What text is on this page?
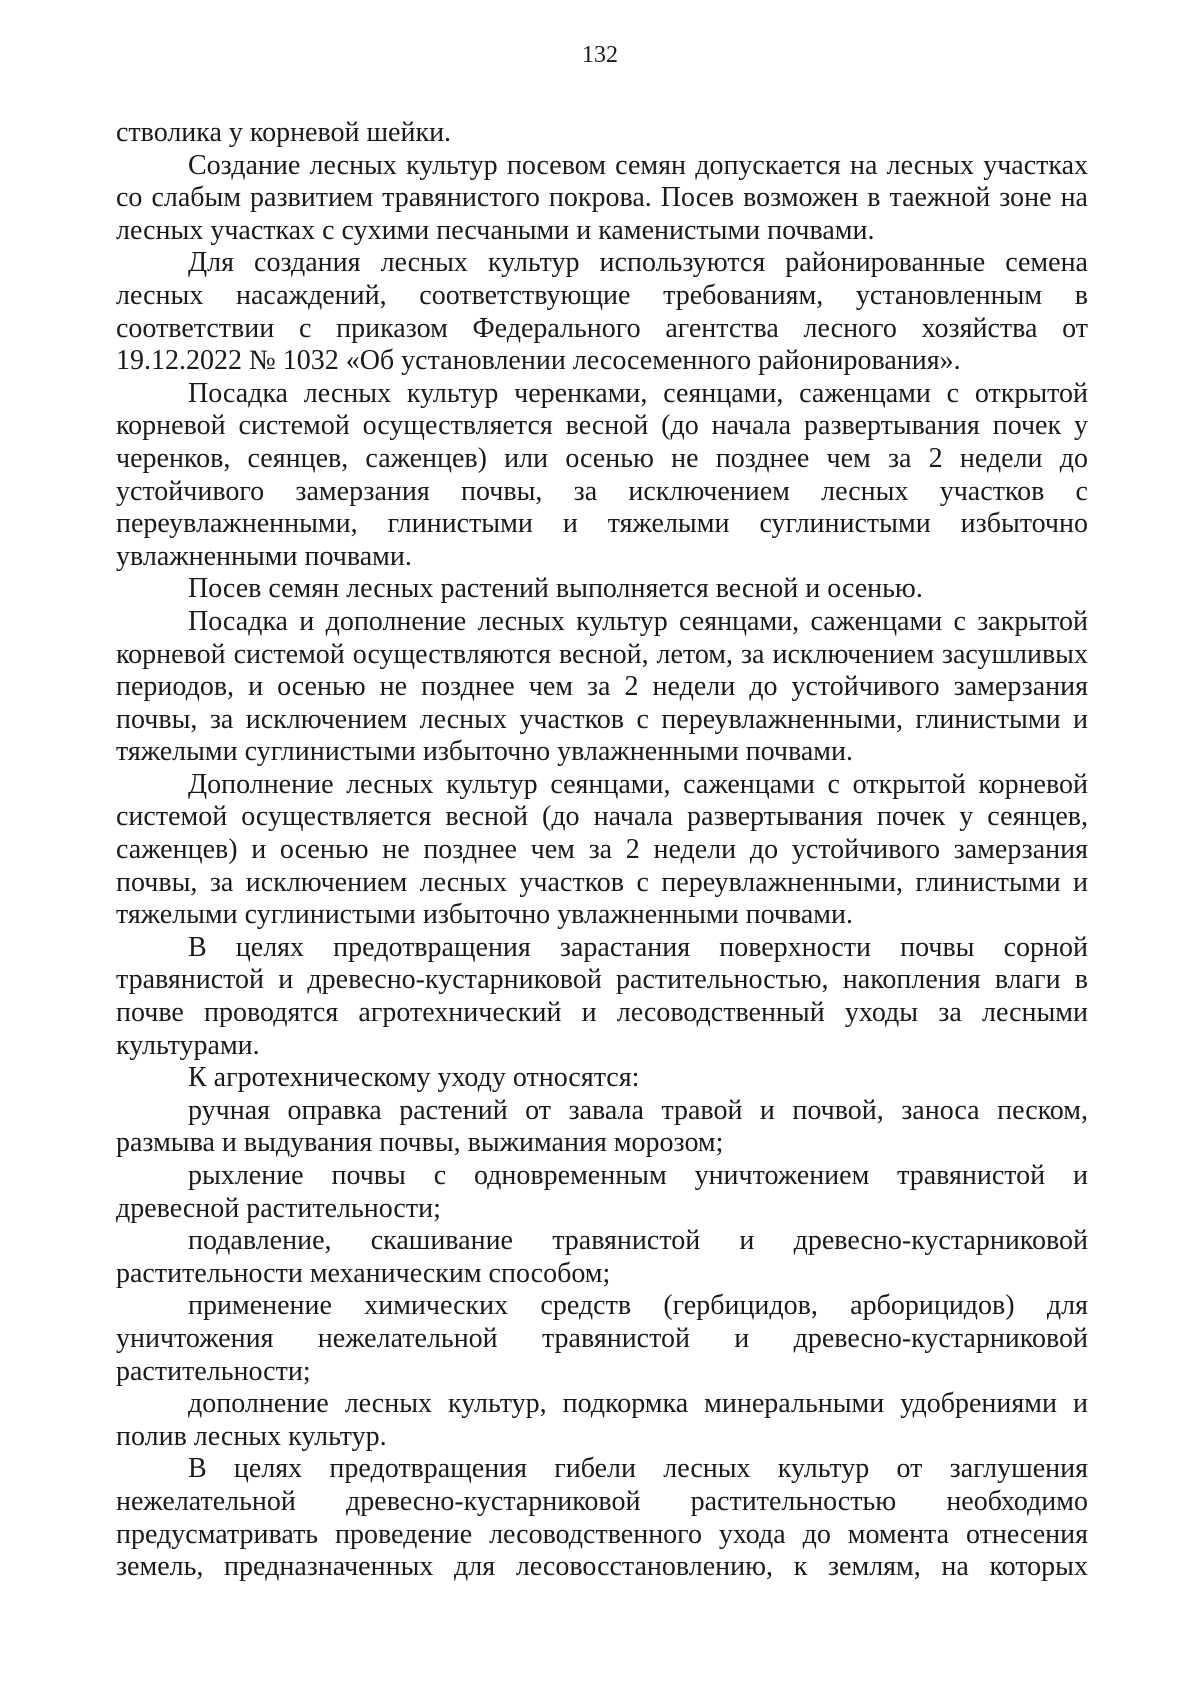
132

стволика у корневой шейки.

Создание лесных культур посевом семян допускается на лесных участках со слабым развитием травянистого покрова. Посев возможен в таежной зоне на лесных участках с сухими песчаными и каменистыми почвами.

Для создания лесных культур используются районированные семена лесных насаждений, соответствующие требованиям, установленным в соответствии с приказом Федерального агентства лесного хозяйства от 19.12.2022 № 1032 «Об установлении лесосеменного районирования».

Посадка лесных культур черенками, сеянцами, саженцами с открытой корневой системой осуществляется весной (до начала развертывания почек у черенков, сеянцев, саженцев) или осенью не позднее чем за 2 недели до устойчивого замерзания почвы, за исключением лесных участков с переувлажненными, глинистыми и тяжелыми суглинистыми избыточно увлажненными почвами.

Посев семян лесных растений выполняется весной и осенью.

Посадка и дополнение лесных культур сеянцами, саженцами с закрытой корневой системой осуществляются весной, летом, за исключением засушливых периодов, и осенью не позднее чем за 2 недели до устойчивого замерзания почвы, за исключением лесных участков с переувлажненными, глинистыми и тяжелыми суглинистыми избыточно увлажненными почвами.

Дополнение лесных культур сеянцами, саженцами с открытой корневой системой осуществляется весной (до начала развертывания почек у сеянцев, саженцев) и осенью не позднее чем за 2 недели до устойчивого замерзания почвы, за исключением лесных участков с переувлажненными, глинистыми и тяжелыми суглинистыми избыточно увлажненными почвами.

В целях предотвращения зарастания поверхности почвы сорной травянистой и древесно-кустарниковой растительностью, накопления влаги в почве проводятся агротехнический и лесоводственный уходы за лесными культурами.

К агротехническому уходу относятся:

ручная оправка растений от завала травой и почвой, заноса песком, размыва и выдувания почвы, выжимания морозом;

рыхление почвы с одновременным уничтожением травянистой и древесной растительности;

подавление, скашивание травянистой и древесно-кустарниковой растительности механическим способом;

применение химических средств (гербицидов, арборицидов) для уничтожения нежелательной травянистой и древесно-кустарниковой растительности;

дополнение лесных культур, подкормка минеральными удобрениями и полив лесных культур.

В целях предотвращения гибели лесных культур от заглушения нежелательной древесно-кустарниковой растительностью необходимо предусматривать проведение лесоводственного ухода до момента отнесения земель, предназначенных для лесовосстановлению, к землям, на которых
